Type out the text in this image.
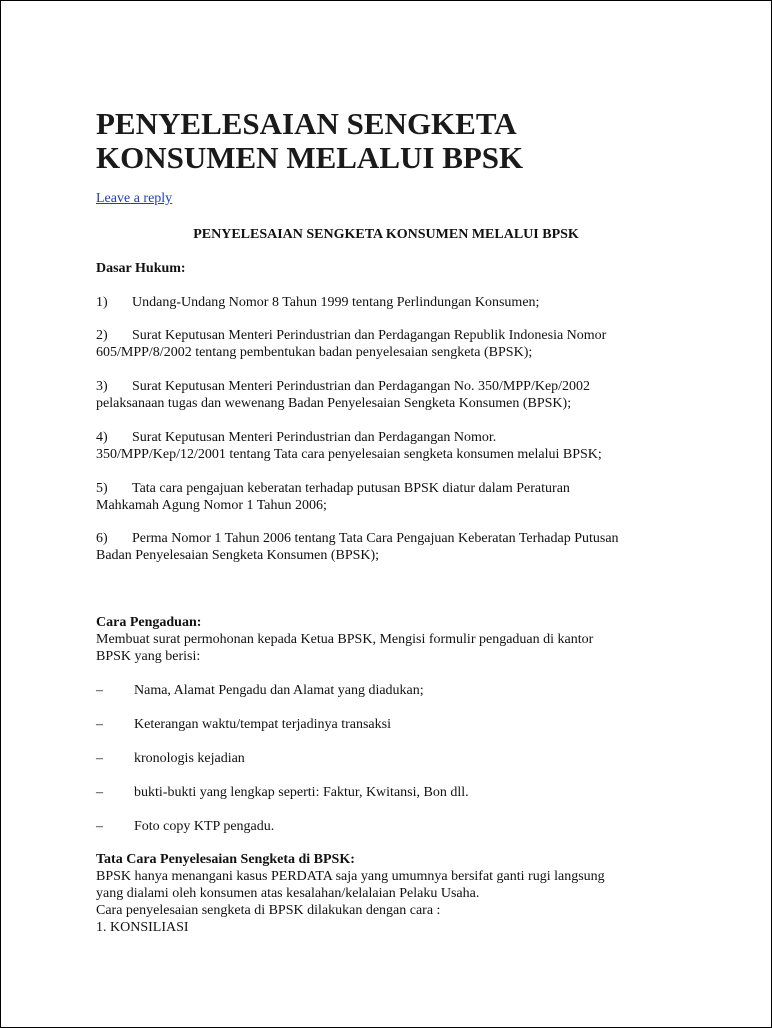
PENYELESAIAN SENGKETA
KONSUMEN MELALUI BPSK
Leave a reply
PENYELESAIAN SENGKETA KONSUMEN MELALUI BPSK
Dasar Hukum:
1) Undang-Undang Nomor 8 Tahun 1999 tentang Perlindungan Konsumen;
2) Surat Keputusan Menteri Perindustrian dan Perdagangan Republik Indonesia Nomor
605/MPP/8/2002 tentang pembentukan badan penyelesaian sengketa (BPSK);
3) Surat Keputusan Menteri Perindustrian dan Perdagangan No. 350/MPP/Kep/2002
pelaksanaan tugas dan wewenang Badan Penyelesaian Sengketa Konsumen (BPSK);
4) Surat Keputusan Menteri Perindustrian dan Perdagangan Nomor.
350/MPP/Kep/12/2001 tentang Tata cara penyelesaian sengketa konsumen melalui BPSK;
5) Tata cara pengajuan keberatan terhadap putusan BPSK diatur dalam Peraturan
Mahkamah Agung Nomor 1 Tahun 2006;
6) Perma Nomor 1 Tahun 2006 tentang Tata Cara Pengajuan Keberatan Terhadap Putusan
Badan Penyelesaian Sengketa Konsumen (BPSK);
Cara Pengaduan:
Membuat surat permohonan kepada Ketua BPSK, Mengisi formulir pengaduan di kantor
BPSK yang berisi:
– Nama, Alamat Pengadu dan Alamat yang diadukan;
– Keterangan waktu/tempat terjadinya transaksi
– kronologis kejadian
– bukti-bukti yang lengkap seperti: Faktur, Kwitansi, Bon dll.
– Foto copy KTP pengadu.
Tata Cara Penyelesaian Sengketa di BPSK:
BPSK hanya menangani kasus PERDATA saja yang umumnya bersifat ganti rugi langsung
yang dialami oleh konsumen atas kesalahan/kelalaian Pelaku Usaha.
Cara penyelesaian sengketa di BPSK dilakukan dengan cara :
1. KONSILIASI
